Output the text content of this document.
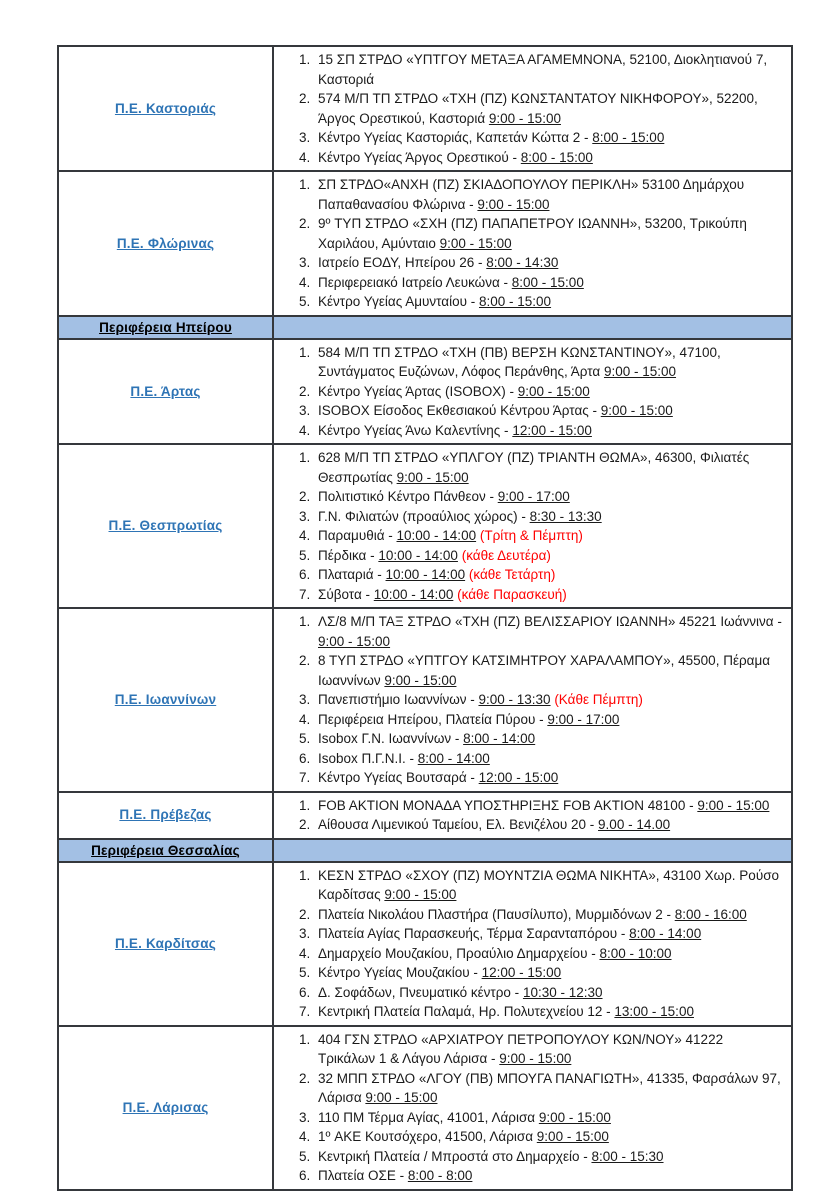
Π.Ε. Καστοριάς	
1. 15 ΣΠ ΣΤΡΔΟ «ΥΠΤΓΟΥ ΜΕΤΑΞΑ ΑΓΑΜΕΜΝΟΝΑ, 52100, Διοκλητιανού 7, Καστοριά
2. 574 Μ/Π ΤΠ ΣΤΡΔΟ «ΤΧΗ (ΠΖ) ΚΩΝΣΤΑΝΤΑΤΟΥ ΝΙΚΗΦΟΡΟΥ», 52200, Άργος Ορεστικού, Καστοριά 9:00 - 15:00
3. Κέντρο Υγείας Καστοριάς, Καπετάν Κώττα 2 - 8:00 - 15:00
4. Κέντρο Υγείας Άργος Ορεστικού - 8:00 - 15:00

Π.Ε. Φλώρινας	
1. ΣΠ ΣΤΡΔΟ«ΑΝΧΗ (ΠΖ) ΣΚΙΑΔΟΠΟΥΛΟΥ ΠΕΡΙΚΛΗ» 53100 Δημάρχου Παπαθανασίου Φλώρινα - 9:00 - 15:00
2. 9º ΤΥΠ ΣΤΡΔΟ «ΣΧΗ (ΠΖ) ΠΑΠΑΠΕΤΡΟΥ ΙΩΑΝΝΗ», 53200, Τρικούπη Χαριλάου, Αμύνταιο 9:00 - 15:00
3. Ιατρείο ΕΟΔΥ, Ηπείρου 26 - 8:00 - 14:30
4. Περιφερειακό Ιατρείο Λευκώνα - 8:00 - 15:00
5. Κέντρο Υγείας Αμυνταίου - 8:00 - 15:00

Περιφέρεια Ηπείρου	
Π.Ε. Άρτας	
1. 584 Μ/Π ΤΠ ΣΤΡΔΟ «ΤΧΗ (ΠΒ) ΒΕΡΣΗ ΚΩΝΣΤΑΝΤΙΝΟΥ», 47100, Συντάγματος Ευζώνων, Λόφος Περάνθης, Άρτα 9:00 - 15:00
2. Κέντρο Υγείας Άρτας (ISOBOX) - 9:00 - 15:00
3. ISOBOX Είσοδος Εκθεσιακού Κέντρου Άρτας - 9:00 - 15:00
4. Κέντρο Υγείας Άνω Καλεντίνης - 12:00 - 15:00

Π.Ε. Θεσπρωτίας	
1. 628 Μ/Π ΤΠ ΣΤΡΔΟ «ΥΠΛΓΟΥ (ΠΖ) ΤΡΙΑΝΤΗ ΘΩΜΑ», 46300, Φιλιατές Θεσπρωτίας 9:00 - 15:00
2. Πολιτιστικό Κέντρο Πάνθεον - 9:00 - 17:00
3. Γ.Ν. Φιλιατών (προαύλιος χώρος) - 8:30 - 13:30
4. Παραμυθιά - 10:00 - 14:00 (Τρίτη & Πέμπτη)
5. Πέρδικα - 10:00 - 14:00 (κάθε Δευτέρα)
6. Πλαταριά - 10:00 - 14:00 (κάθε Τετάρτη)
7. Σύβοτα - 10:00 - 14:00 (κάθε Παρασκευή)

Π.Ε. Ιωαννίνων	
1. ΛΣ/8 Μ/Π ΤΑΞ ΣΤΡΔΟ «ΤΧΗ (ΠΖ) ΒΕΛΙΣΣΑΡΙΟΥ ΙΩΑΝΝΗ» 45221 Ιωάννινα - 9:00 - 15:00
2. 8 ΤΥΠ ΣΤΡΔΟ «ΥΠΤΓΟΥ ΚΑΤΣΙΜΗΤΡΟΥ ΧΑΡΑΛΑΜΠΟΥ», 45500, Πέραμα Ιωαννίνων 9:00 - 15:00
3. Πανεπιστήμιο Ιωαννίνων - 9:00 - 13:30 (Κάθε Πέμπτη)
4. Περιφέρεια Ηπείρου, Πλατεία Πύρου - 9:00 - 17:00
5. Isobox Γ.Ν. Ιωαννίνων - 8:00 - 14:00
6. Isobox Π.Γ.Ν.Ι. - 8:00 - 14:00
7. Κέντρο Υγείας Βουτσαρά - 12:00 - 15:00

Π.Ε. Πρέβεζας	
1. FOB AKTION ΜΟΝΑΔΑ ΥΠΟΣΤΗΡΙΞΗΣ FOB AKTION 48100 - 9:00 - 15:00
2. Αίθουσα Λιμενικού Ταμείου, Ελ. Βενιζέλου 20 - 9.00 - 14.00

Περιφέρεια Θεσσαλίας	
Π.Ε. Καρδίτσας	
1. ΚΕΣΝ ΣΤΡΔΟ «ΣΧΟΥ (ΠΖ) ΜΟΥΝΤΖΙΑ ΘΩΜΑ ΝΙΚΗΤΑ», 43100 Χωρ. Ρούσο Καρδίτσας 9:00 - 15:00
2. Πλατεία Νικολάου Πλαστήρα (Παυσίλυπο), Μυρμιδόνων 2 - 8:00 - 16:00
3. Πλατεία Αγίας Παρασκευής, Τέρμα Σαρανταπόρου - 8:00 - 14:00
4. Δημαρχείο Μουζακίου, Προαύλιο Δημαρχείου - 8:00 - 10:00
5. Κέντρο Υγείας Μουζακίου - 12:00 - 15:00
6. Δ. Σοφάδων, Πνευματικό κέντρο - 10:30 - 12:30
7. Κεντρική Πλατεία Παλαμά, Ηρ. Πολυτεχνείου 12 - 13:00 - 15:00

Π.Ε. Λάρισας	
1. 404 ΓΣΝ ΣΤΡΔΟ «ΑΡΧΙΑΤΡΟΥ ΠΕΤΡΟΠΟΥΛΟΥ ΚΩΝ/ΝΟΥ» 41222 Τρικάλων 1 & Λάγου Λάρισα - 9:00 - 15:00
2. 32 ΜΠΠ ΣΤΡΔΟ «ΛΓΟΥ (ΠΒ) ΜΠΟΥΓΑ ΠΑΝΑΓΙΩΤΗ», 41335, Φαρσάλων 97, Λάρισα 9:00 - 15:00
3. 110 ΠΜ Τέρμα Αγίας, 41001, Λάρισα 9:00 - 15:00
4. 1º ΑΚΕ Κουτσόχερο, 41500, Λάρισα 9:00 - 15:00
5. Κεντρική Πλατεία / Μπροστά στο Δημαρχείο - 8:00 - 15:30
6. Πλατεία ΟΣΕ - 8:00 - 8:00
